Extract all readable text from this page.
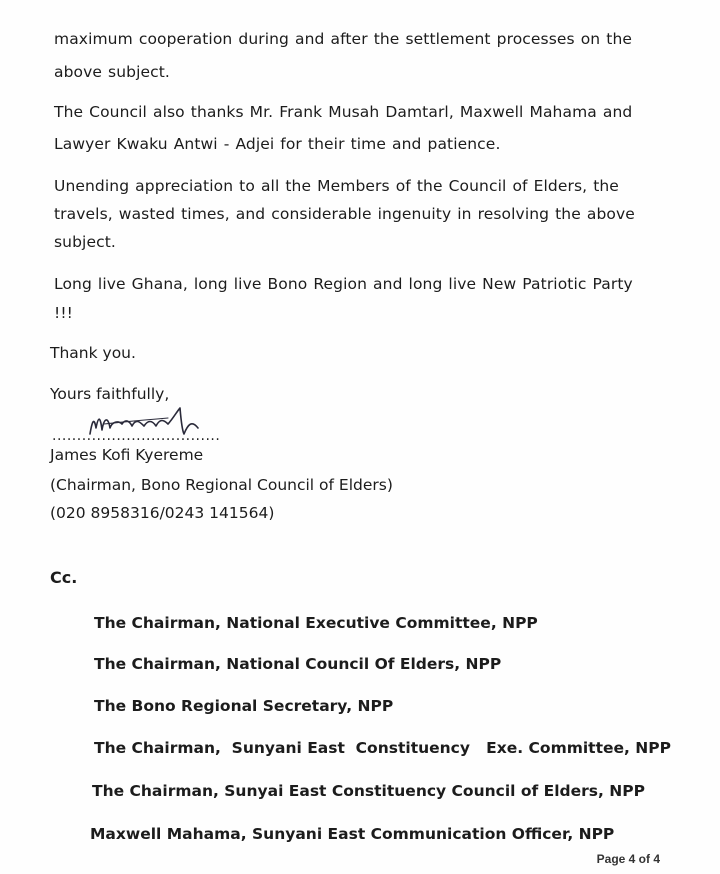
maximum cooperation during and after the settlement processes on the

above subject.

The Council also thanks Mr. Frank Musah Damtarl, Maxwell Mahama and

Lawyer Kwaku Antwi - Adjei for their time and patience.

Unending appreciation to all the Members of the Council of Elders, the

travels, wasted times, and considerable ingenuity in resolving the above

subject.

Long live Ghana, long live Bono Region and long live New Patriotic Party

!!!

Thank you.

Yours faithfully,

..................................

James Kofi Kyereme

(Chairman, Bono Regional Council of Elders)

(020 8958316/0243 141564)

Cc.

The Chairman, National Executive Committee, NPP

The Chairman, National Council Of Elders, NPP

The Bono Regional Secretary, NPP

The Chairman,  Sunyani East  Constituency   Exe. Committee, NPP

The Chairman, Sunyai East Constituency Council of Elders, NPP

Maxwell Mahama, Sunyani East Communication Officer, NPP

Page 4 of 4
